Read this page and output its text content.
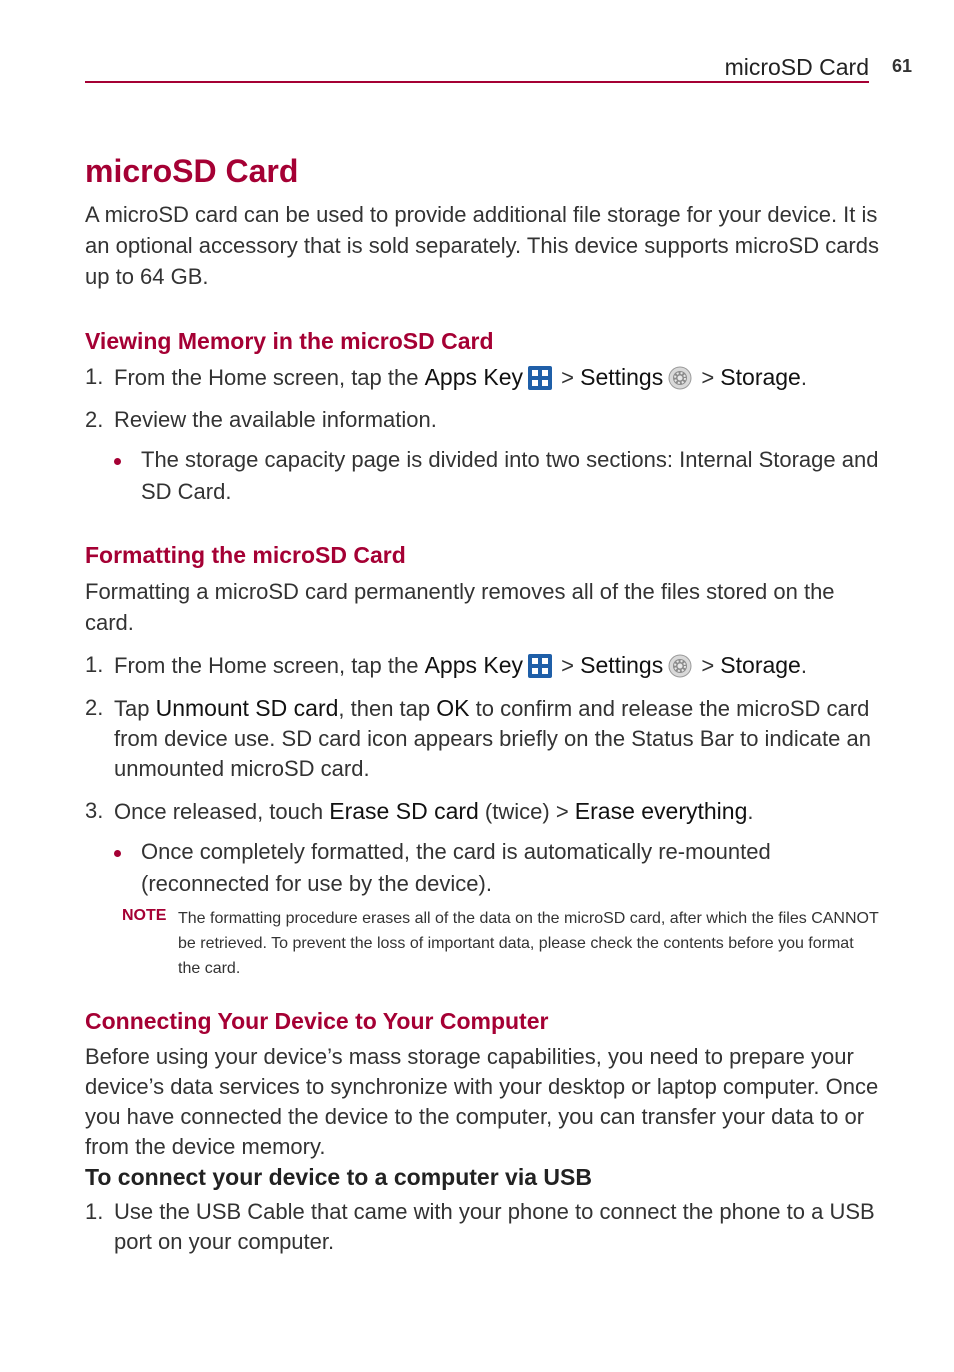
microSD Card 61
microSD Card

A microSD card can be used to provide additional file storage for your device. It is an optional accessory that is sold separately. This device supports microSD cards up to 64 GB.

Viewing Memory in the microSD Card
1. From the Home screen, tap the Apps Key
> Settings
> Storage.
2. Review the available information.
The storage capacity page is divided into two sections: Internal Storage and SD Card.
Formatting the microSD Card

Formatting a microSD card permanently removes all of the files stored on the card.

1. From the Home screen, tap the Apps Key
> Settings
> Storage.
2. Tap Unmount SD card, then tap OK to confirm and release the microSD card from device use. SD card icon appears briefly on the Status Bar to indicate an unmounted microSD card.
3. Once released, touch Erase SD card (twice) > Erase everything.
Once completely formatted, the card is automatically re-mounted (reconnected for use by the device).
NOTE The formatting procedure erases all of the data on the microSD card, after which the files CANNOT be retrieved. To prevent the loss of important data, please check the contents before you format the card.
Connecting Your Device to Your Computer

Before using your device’s mass storage capabilities, you need to prepare your device’s data services to synchronize with your desktop or laptop computer. Once you have connected the device to the computer, you can transfer your data to or from the device memory.

To connect your device to a computer via USB
1. Use the USB Cable that came with your phone to connect the phone to a USB port on your computer.
